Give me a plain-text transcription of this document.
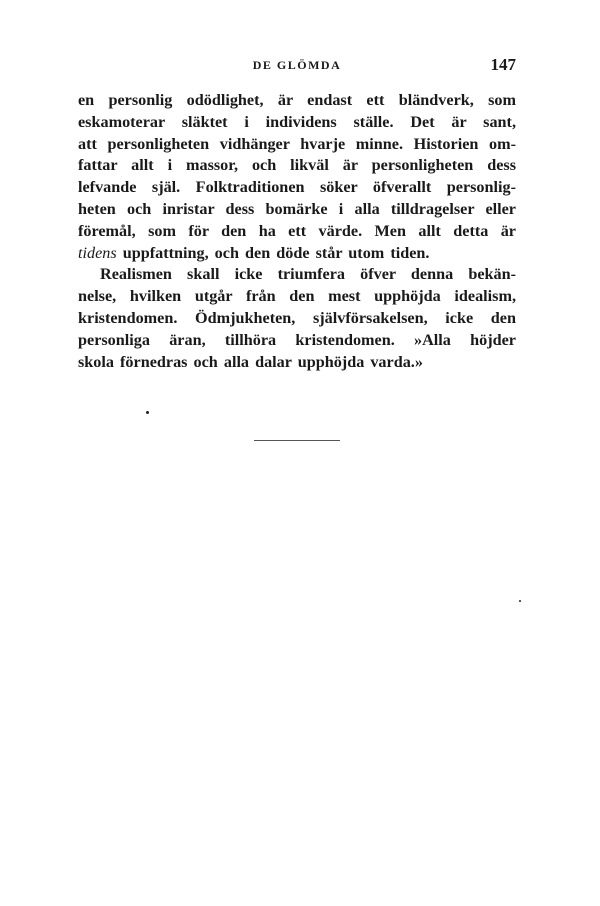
DE GLÖMDA	147

en personlig odödlighet, är endast ett bländverk, som
eskamoterar släktet i individens ställe. Det är sant,
att personligheten vidhänger hvarje minne. Historien om-
fattar allt i massor, och likväl är personligheten dess
lefvande själ. Folktraditionen söker öfverallt personlig-
heten och inristar dess bomärke i alla tilldragelser eller
föremål, som för den ha ett värde. Men allt detta är
tidens uppfattning, och den döde står utom tiden.

Realismen skall icke triumfera öfver denna bekän-
nelse, hvilken utgår från den mest upphöjda idealism,
kristendomen. Ödmjukheten, självförsakelsen, icke den
personliga äran, tillhöra kristendomen. »Alla höjder
skola förnedras och alla dalar upphöjda varda.»
